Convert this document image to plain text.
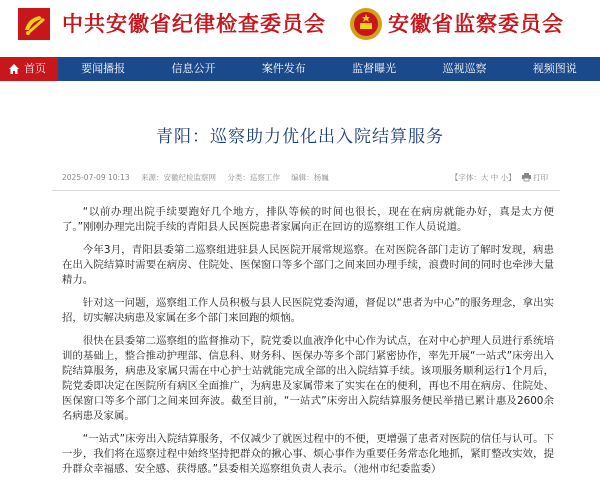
中共安徽省纪律检查委员会	安徽省监察委员会
首页	要闻播报	信息公开	案件发布	监督曝光	巡视巡察	视频图说
青阳：巡察助力优化出入院结算服务
2025-07-09 10:13 来源：安徽纪检监察网 分类：巡察工作 编辑：杨巍	【字体：大 中 小】 打印

“以前办理出院手续要跑好几个地方，排队等候的时间也很长，现在在病房就能办好，真是太方便了。”刚刚办理完出院手续的青阳县人民医院患者家属向正在回访的巡察组工作人员说道。

今年3月，青阳县委第二巡察组进驻县人民医院开展常规巡察。在对医院各部门走访了解时发现，病患在出入院结算时需要在病房、住院处、医保窗口等多个部门之间来回办理手续，浪费时间的同时也牵涉大量精力。

针对这一问题，巡察组工作人员积极与县人民医院党委沟通，督促以“患者为中心”的服务理念，拿出实招，切实解决病患及家属在多个部门来回跑的烦恼。

很快在县委第二巡察组的监督推动下，院党委以血液净化中心作为试点，在对中心护理人员进行系统培训的基础上，整合推动护理部、信息科、财务科、医保办等多个部门紧密协作，率先开展“一站式”床旁出入院结算服务，病患及家属只需在中心护士站就能完成全部的出入院结算手续。该项服务顺利运行1个月后，院党委即决定在医院所有病区全面推广，为病患及家属带来了实实在在的便利，再也不用在病房、住院处、医保窗口等多个部门之间来回奔波。截至目前，“一站式”床旁出入院结算服务便民举措已累计惠及2600余名病患及家属。

“一站式”床旁出入院结算服务，不仅减少了就医过程中的不便，更增强了患者对医院的信任与认可。下一步，我们将在巡察过程中始终坚持把群众的揪心事、烦心事作为重要任务常态化地抓，紧盯整改实效，提升群众幸福感、安全感、获得感。”县委相关巡察组负责人表示。（池州市纪委监委）
